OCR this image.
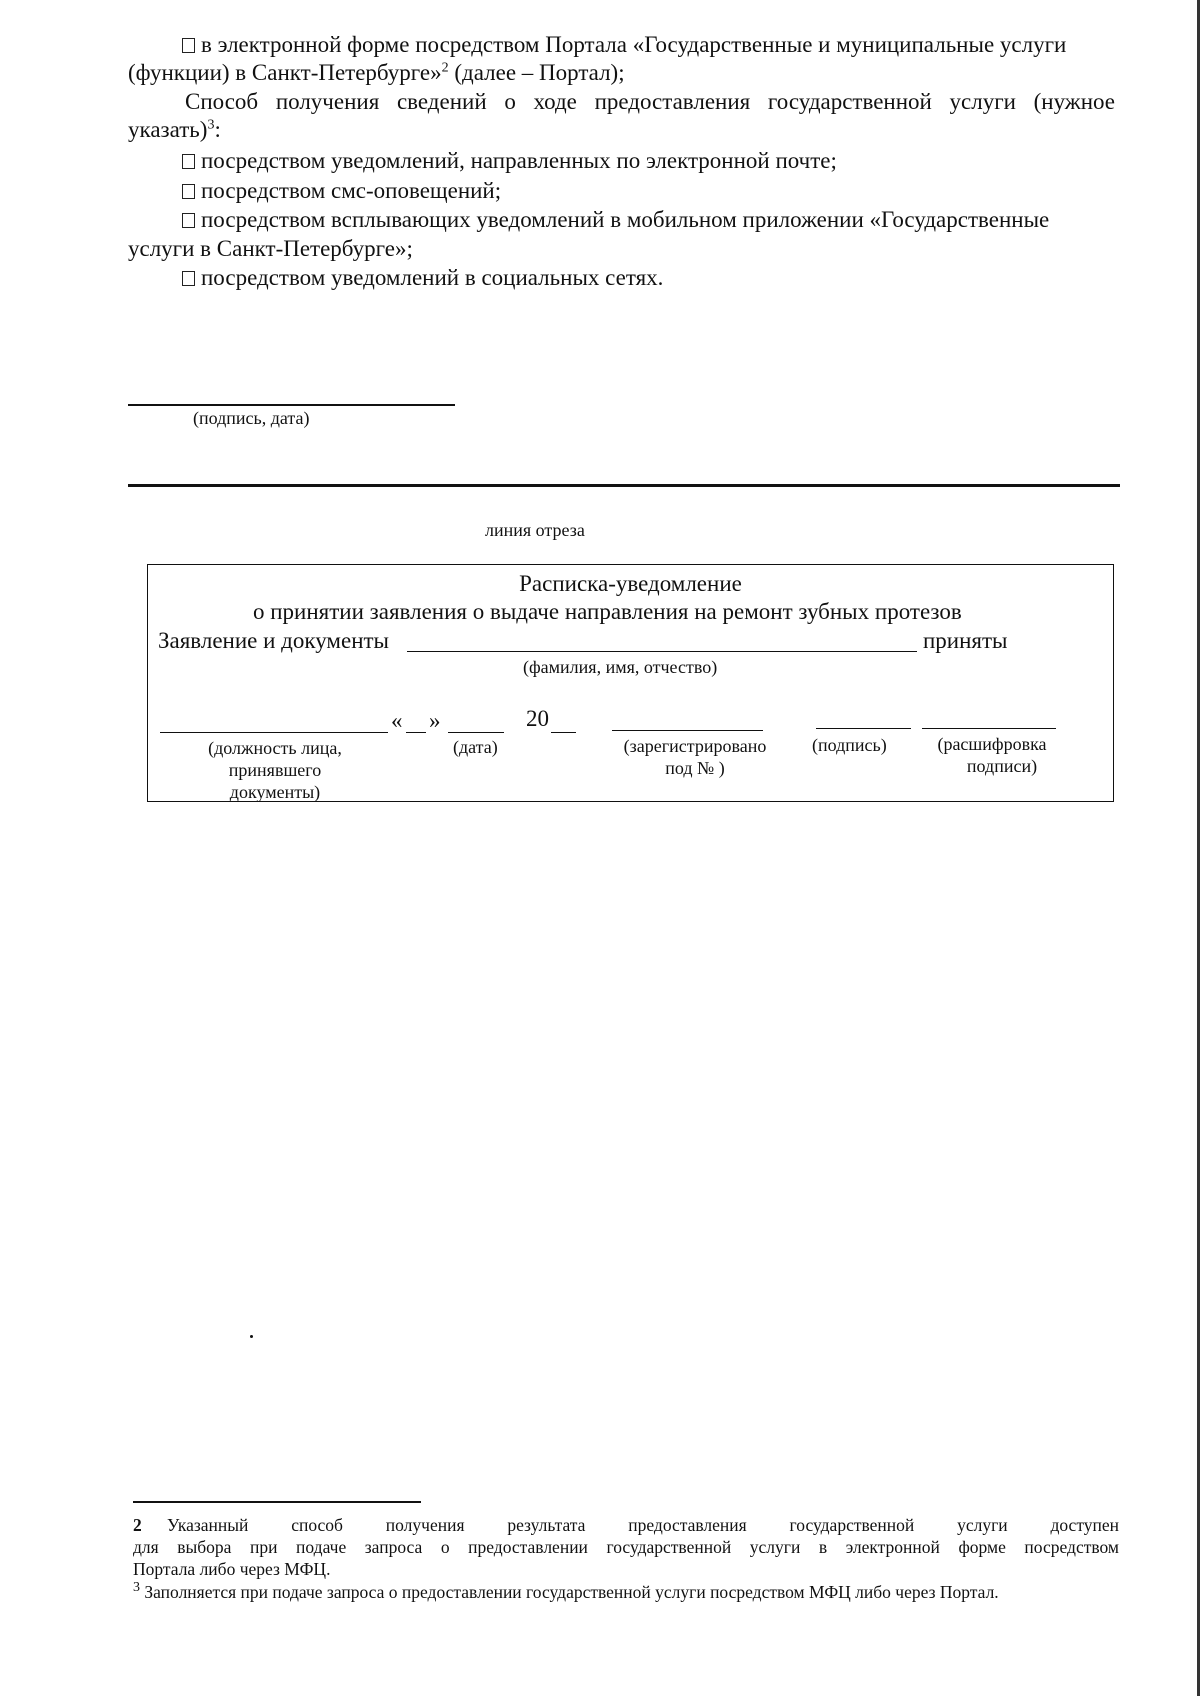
в электронной форме посредством Портала «Государственные и муниципальные услуги
(функции) в Санкт-Петербурге»$^2$ (далее – Портал);
Способ получения сведений о ходе предоставления государственной услуги (нужное
указать)$^3$:
посредством уведомлений, направленных по электронной почте;
посредством смс-оповещений;
посредством всплывающих уведомлений в мобильном приложении «Государственные
услуги в Санкт-Петербурге»;
посредством уведомлений в социальных сетях.
(подпись, дата)
линия отреза
Расписка-уведомление
о принятии заявления о выдаче направления на ремонт зубных протезов
Заявление и документы	приняты
(фамилия, имя, отчество)
« »	20
(должность лица,
принявшего
документы)
(дата)	(зарегистрировано
под № )
(подпись)	(расшифровка
подписи)
2 Указанный способ получения результата предоставления государственной услуги доступен
для выбора при подаче запроса о предоставлении государственной услуги в электронной форме посредством
Портала либо через МФЦ.
$^3$ Заполняется при подаче запроса о предоставлении государственной услуги посредством МФЦ либо через Портал.
